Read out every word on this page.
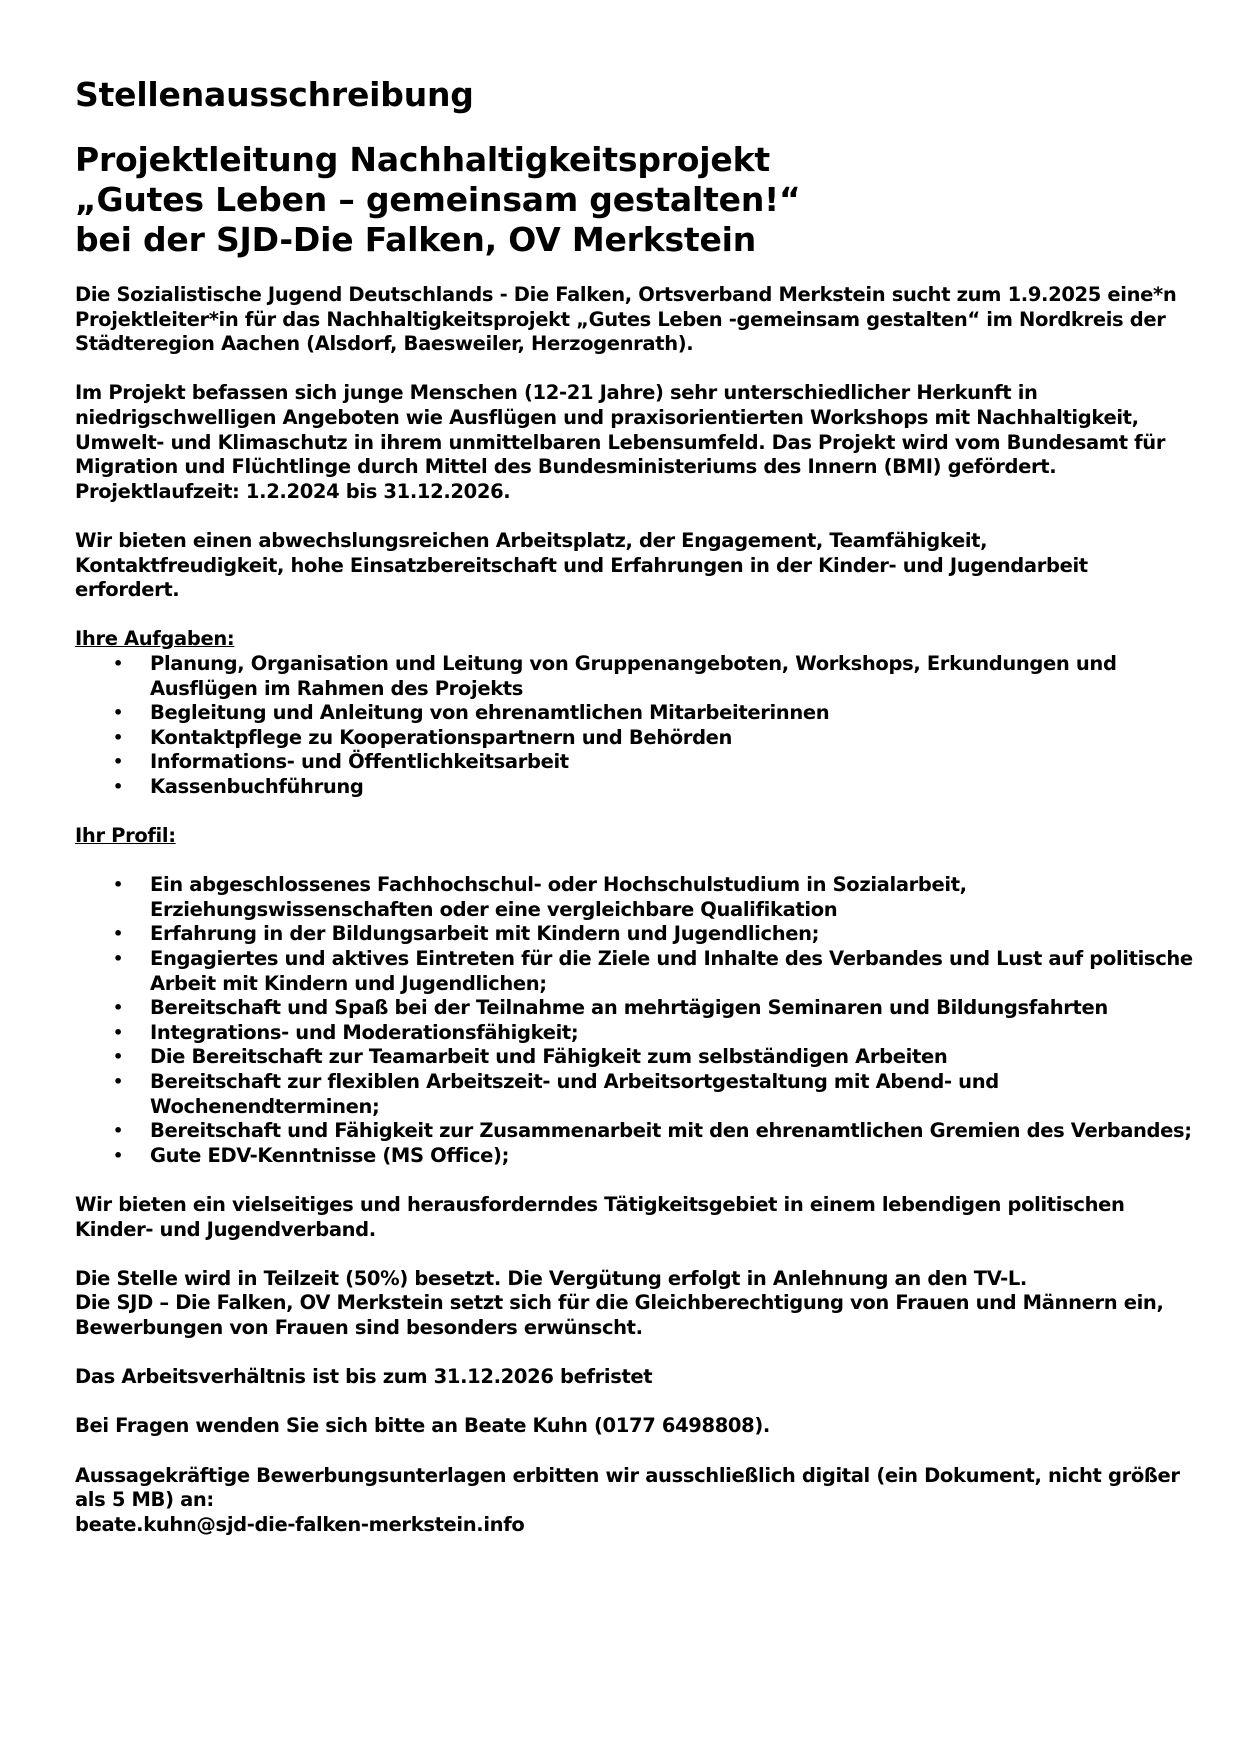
Stellenausschreibung
Projektleitung Nachhaltigkeitsprojekt
„Gutes Leben – gemeinsam gestalten!“
bei der SJD-Die Falken, OV Merkstein

Die Sozialistische Jugend Deutschlands - Die Falken, Ortsverband Merkstein sucht zum 1.9.2025 eine*n Projektleiter*in für das Nachhaltigkeitsprojekt „Gutes Leben -gemeinsam gestalten“ im Nordkreis der Städteregion Aachen (Alsdorf, Baesweiler, Herzogenrath).

Im Projekt befassen sich junge Menschen (12-21 Jahre) sehr unterschiedlicher Herkunft in niedrigschwelligen Angeboten wie Ausflügen und praxisorientierten Workshops mit Nachhaltigkeit, Umwelt- und Klimaschutz in ihrem unmittelbaren Lebensumfeld. Das Projekt wird vom Bundesamt für Migration und Flüchtlinge durch Mittel des Bundesministeriums des Innern (BMI) gefördert. Projektlaufzeit: 1.2.2024 bis 31.12.2026.

Wir bieten einen abwechslungsreichen Arbeitsplatz, der Engagement, Teamfähigkeit, Kontaktfreudigkeit, hohe Einsatzbereitschaft und Erfahrungen in der Kinder- und Jugendarbeit erfordert.

Ihre Aufgaben:
• Planung, Organisation und Leitung von Gruppenangeboten, Workshops, Erkundungen und Ausflügen im Rahmen des Projekts
• Begleitung und Anleitung von ehrenamtlichen Mitarbeiterinnen
• Kontaktpflege zu Kooperationspartnern und Behörden
• Informations- und Öffentlichkeitsarbeit
• Kassenbuchführung
Ihr Profil:
• Ein abgeschlossenes Fachhochschul- oder Hochschulstudium in Sozialarbeit, Erziehungswissenschaften oder eine vergleichbare Qualifikation
• Erfahrung in der Bildungsarbeit mit Kindern und Jugendlichen;
• Engagiertes und aktives Eintreten für die Ziele und Inhalte des Verbandes und Lust auf politische Arbeit mit Kindern und Jugendlichen;
• Bereitschaft und Spaß bei der Teilnahme an mehrtägigen Seminaren und Bildungsfahrten
• Integrations- und Moderationsfähigkeit;
• Die Bereitschaft zur Teamarbeit und Fähigkeit zum selbständigen Arbeiten
• Bereitschaft zur flexiblen Arbeitszeit- und Arbeitsortgestaltung mit Abend- und Wochenendterminen;
• Bereitschaft und Fähigkeit zur Zusammenarbeit mit den ehrenamtlichen Gremien des Verbandes;
• Gute EDV-Kenntnisse (MS Office);

Wir bieten ein vielseitiges und herausforderndes Tätigkeitsgebiet in einem lebendigen politischen Kinder- und Jugendverband.

Die Stelle wird in Teilzeit (50%) besetzt. Die Vergütung erfolgt in Anlehnung an den TV-L.

Die SJD – Die Falken, OV Merkstein setzt sich für die Gleichberechtigung von Frauen und Männern ein, Bewerbungen von Frauen sind besonders erwünscht.

Das Arbeitsverhältnis ist bis zum 31.12.2026 befristet

Bei Fragen wenden Sie sich bitte an Beate Kuhn (0177 6498808).

Aussagekräftige Bewerbungsunterlagen erbitten wir ausschließlich digital (ein Dokument, nicht größer als 5 MB) an:

beate.kuhn@sjd-die-falken-merkstein.info
